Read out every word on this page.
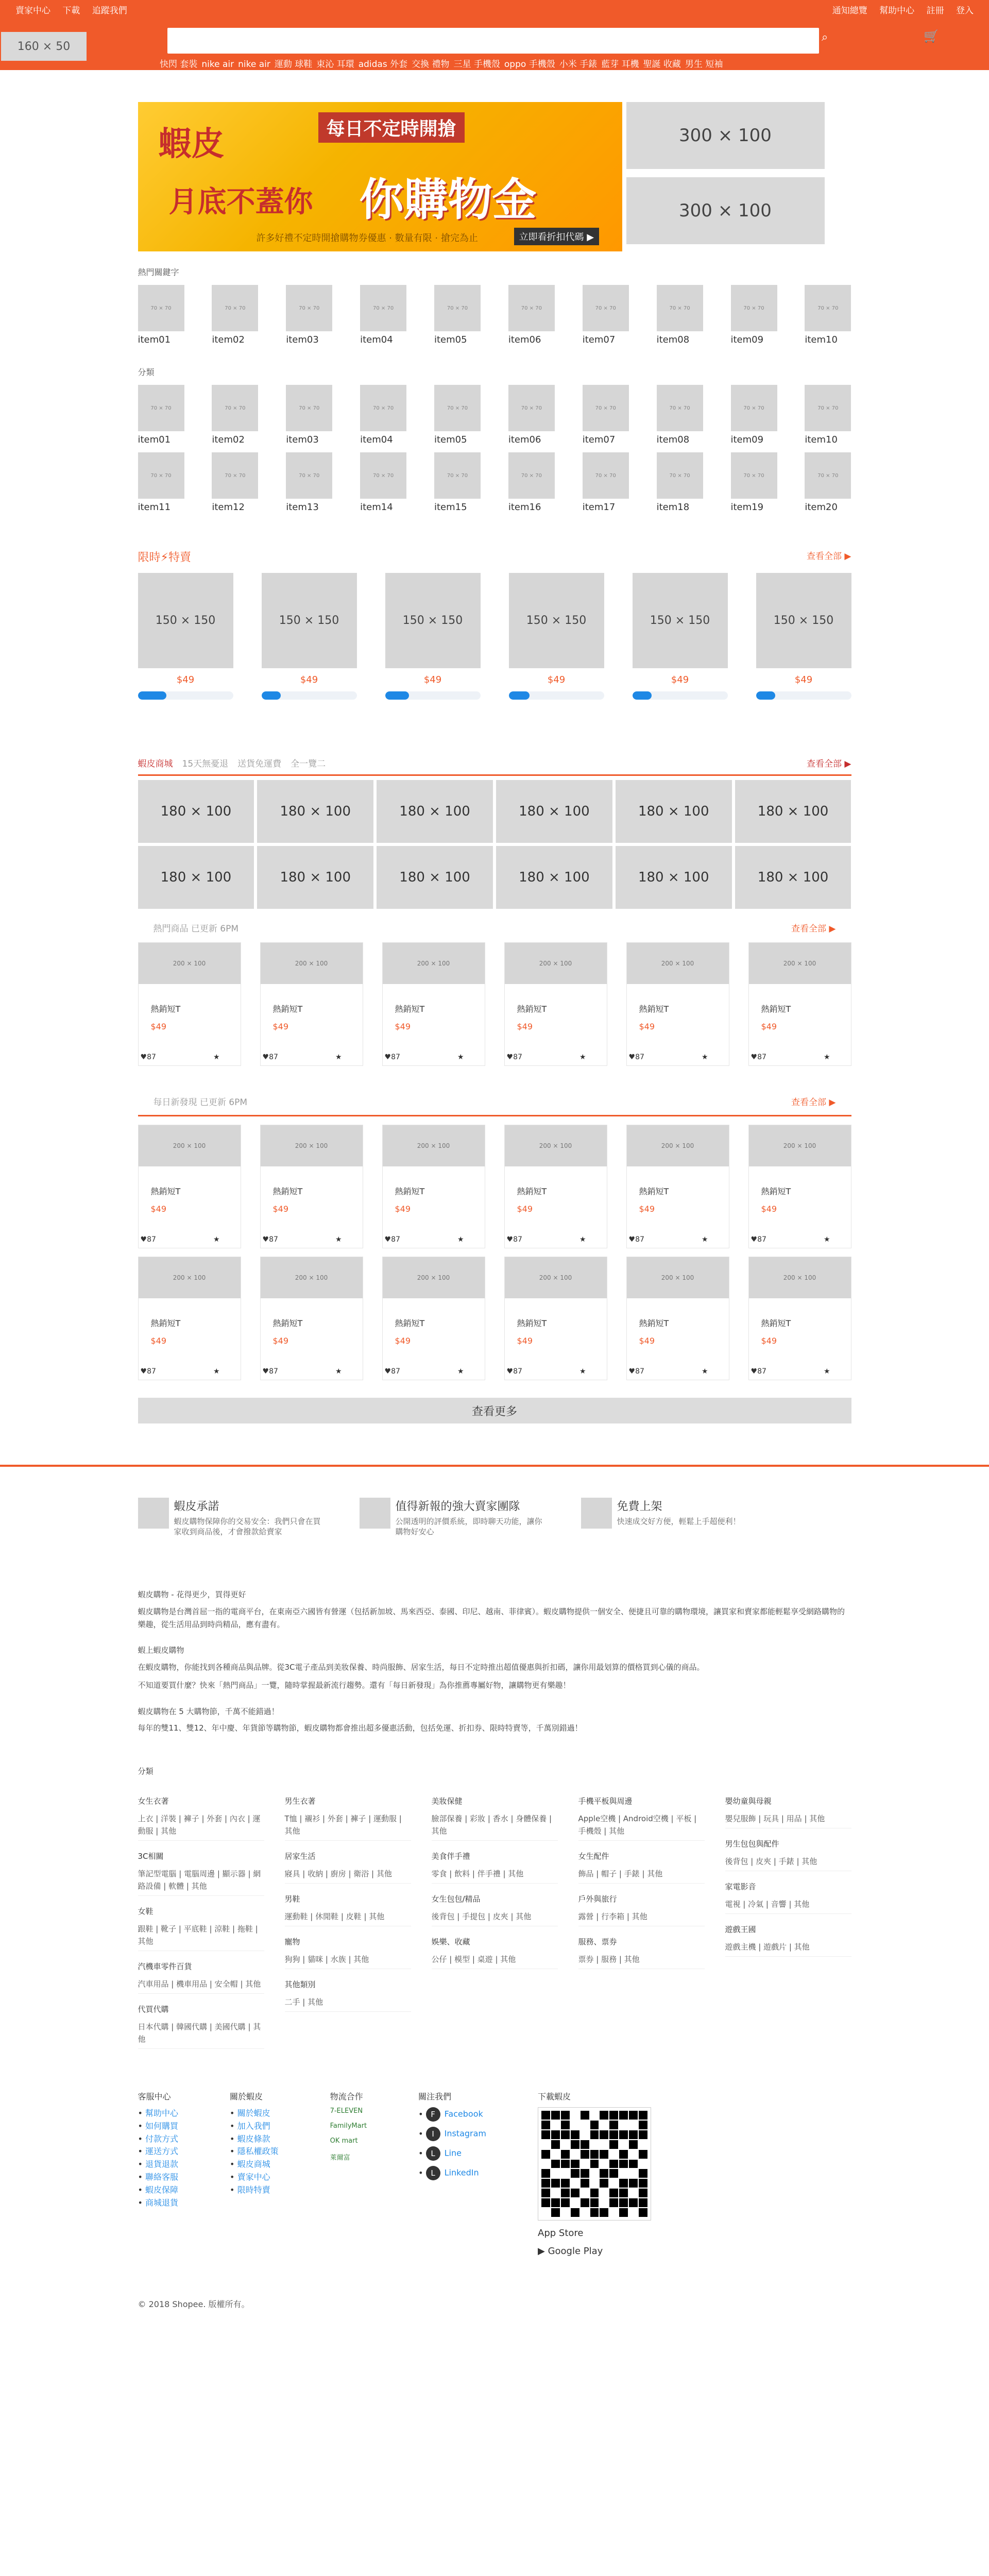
賣家中心 下載 追蹤我們	通知總覽 幫助中心 註冊 登入
160 × 50
⌕	🛒
快閃 套裝 nike air nike air 運動 球鞋 束沁 耳環 adidas 外套 交換 禮物 三星 手機殼 oppo 手機殼 小米 手錶 藍芽 耳機 聖誕 收藏 男生 短袖
蝦皮	每日不定時開搶
月底不蓋你 你購物金
許多好禮不定時開搶購物券優惠 · 數量有限 · 搶完為止	立即看折扣代碼 ▶
300 × 100
300 × 100
熱門關鍵字
70 × 70
item01
70 × 70
item02
70 × 70
item03
70 × 70
item04
70 × 70
item05
70 × 70
item06
70 × 70
item07
70 × 70
item08
70 × 70
item09
70 × 70
item10
分類
70 × 70
item01
70 × 70
item02
70 × 70
item03
70 × 70
item04
70 × 70
item05
70 × 70
item06
70 × 70
item07
70 × 70
item08
70 × 70
item09
70 × 70
item10
70 × 70
item11
70 × 70
item12
70 × 70
item13
70 × 70
item14
70 × 70
item15
70 × 70
item16
70 × 70
item17
70 × 70
item18
70 × 70
item19
70 × 70
item20
限時⚡特賣	查看全部 ▶
150 × 150
$49
150 × 150
$49
150 × 150
$49
150 × 150
$49
150 × 150
$49
150 × 150
$49
蝦皮商城 15天無憂退 送貨免運費 全一覽二	查看全部 ▶
180 × 100	180 × 100	180 × 100	180 × 100	180 × 100	180 × 100
180 × 100	180 × 100	180 × 100	180 × 100	180 × 100	180 × 100
熱門商品 已更新 6PM	查看全部 ▶
200 × 100
熱銷短T
$49
♥87	★
200 × 100
熱銷短T
$49
♥87	★
200 × 100
熱銷短T
$49
♥87	★
200 × 100
熱銷短T
$49
♥87	★
200 × 100
熱銷短T
$49
♥87	★
200 × 100
熱銷短T
$49
♥87	★
每日新發現 已更新 6PM	查看全部 ▶
200 × 100
熱銷短T
$49
♥87	★
200 × 100
熱銷短T
$49
♥87	★
200 × 100
熱銷短T
$49
♥87	★
200 × 100
熱銷短T
$49
♥87	★
200 × 100
熱銷短T
$49
♥87	★
200 × 100
熱銷短T
$49
♥87	★
200 × 100
熱銷短T
$49
♥87	★
200 × 100
熱銷短T
$49
♥87	★
200 × 100
熱銷短T
$49
♥87	★
200 × 100
熱銷短T
$49
♥87	★
200 × 100
熱銷短T
$49
♥87	★
200 × 100
熱銷短T
$49
♥87	★
查看更多
蝦皮承諾
蝦皮購物保障你的交易安全：我們只會在買家收到商品後，才會撥款給賣家
值得新報的強大賣家團隊
公開透明的評價系統，即時聊天功能，讓你購物好安心
免費上架
快速成交好方便，輕鬆上手超便利！
蝦皮購物 - 花得更少，買得更好

蝦皮購物是台灣首屈一指的電商平台，在東南亞六國皆有營運（包括新加坡、馬來西亞、泰國、印尼、越南、菲律賓）。蝦皮購物提供一個安全、便捷且可靠的購物環境，讓買家和賣家都能輕鬆享受網路購物的樂趣，從生活用品到時尚精品，應有盡有。

蝦上蝦皮購物

在蝦皮購物，你能找到各種商品與品牌。從3C電子產品到美妝保養、時尚服飾、居家生活，每日不定時推出超值優惠與折扣碼，讓你用最划算的價格買到心儀的商品。

不知道要買什麼？快來「熱門商品」一覽，隨時掌握最新流行趨勢。還有「每日新發現」為你推薦專屬好物，讓購物更有樂趣！

蝦皮購物在 5 大購物節，千萬不能錯過！

每年的雙11、雙12、年中慶、年貨節等購物節，蝦皮購物都會推出超多優惠活動，包括免運、折扣券、限時特賣等，千萬別錯過！

分類
女生衣著

上衣 | 洋裝 | 褲子 | 外套 | 內衣 | 運動服 | 其他

3C相關

筆記型電腦 | 電腦周邊 | 顯示器 | 網路設備 | 軟體 | 其他

女鞋

跟鞋 | 靴子 | 平底鞋 | 涼鞋 | 拖鞋 | 其他

汽機車零件百貨

汽車用品 | 機車用品 | 安全帽 | 其他

代買代購

日本代購 | 韓國代購 | 美國代購 | 其他

男生衣著

T恤 | 襯衫 | 外套 | 褲子 | 運動服 | 其他

居家生活

寢具 | 收納 | 廚房 | 衛浴 | 其他

男鞋

運動鞋 | 休閒鞋 | 皮鞋 | 其他

寵物

狗狗 | 貓咪 | 水族 | 其他

其他類別

二手 | 其他

美妝保健

臉部保養 | 彩妝 | 香水 | 身體保養 | 其他

美食伴手禮

零食 | 飲料 | 伴手禮 | 其他

女生包包/精品

後背包 | 手提包 | 皮夾 | 其他

娛樂、收藏

公仔 | 模型 | 桌遊 | 其他

手機平板與周邊

Apple空機 | Android空機 | 平板 | 手機殼 | 其他

女生配件

飾品 | 帽子 | 手錶 | 其他

戶外與旅行

露營 | 行李箱 | 其他

服務、票券

票券 | 服務 | 其他

嬰幼童與母親

嬰兒服飾 | 玩具 | 用品 | 其他

男生包包與配件

後背包 | 皮夾 | 手錶 | 其他

家電影音

電視 | 冷氣 | 音響 | 其他

遊戲王國

遊戲主機 | 遊戲片 | 其他

客服中心
• 幫助中心
• 如何購買
• 付款方式
• 運送方式
• 退貨退款
• 聯絡客服
• 蝦皮保障
• 商城退貨
關於蝦皮
• 關於蝦皮
• 加入我們
• 蝦皮條款
• 隱私權政策
• 蝦皮商城
• 賣家中心
• 限時特賣
物流合作
7-ELEVEN
FamilyMart
OK mart
萊爾富
關注我們
• F Facebook
• I Instagram
• L Line
• L LinkedIn
下載蝦皮
App Store
▶ Google Play
© 2018 Shopee. 版權所有。
